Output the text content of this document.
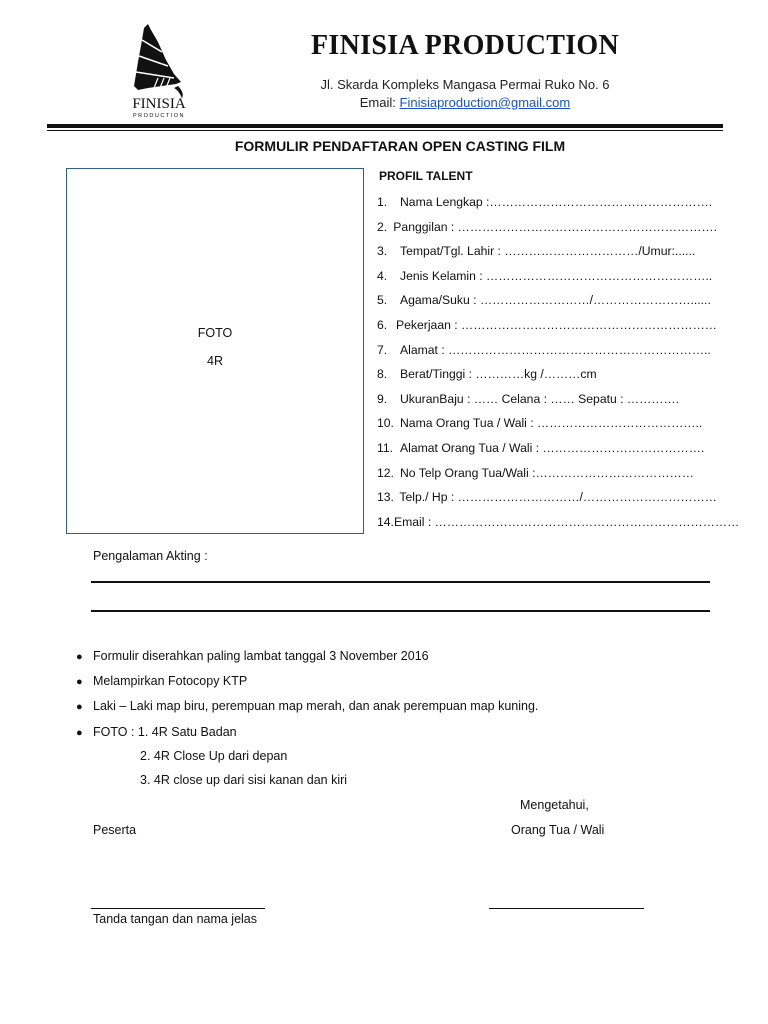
FINISIA
PRODUCTION
FINISIA PRODUCTION
Jl. Skarda Kompleks Mangasa Permai Ruko No. 6
Email: Finisiaproduction@gmail.com
FORMULIR PENDAFTARAN OPEN CASTING FILM
FOTO
4R
PROFIL TALENT
1.	Nama Lengkap :……………………………………………….
2. Panggilan : ……………………………………………………….
3.	Tempat/Tgl. Lahir : ……………………………/Umur:......
4.	Jenis Kelamin : ………………………………………………..
5.	Agama/Suku : ………………………/……………………......
6. Pekerjaan : ………………………………………………………
7.	Alamat : ………………………………………………………..
8.	Berat/Tinggi : …………kg /………cm
9.	UkuranBaju : …… Celana : …… Sepatu : ………….
10. Nama Orang Tua / Wali : …………………………………..
11. Alamat Orang Tua / Wali : ………………………………….
12. No Telp Orang Tua/Wali :…………………………………
13. Telp./ Hp : …………………………/……………………………
14. Email : …………………………………………………………………
Pengalaman Akting :
● Formulir diserahkan paling lambat tanggal 3 November 2016
● Melampirkan Fotocopy KTP
● Laki – Laki map biru, perempuan map merah, dan anak perempuan map kuning.
● FOTO : 1. 4R Satu Badan
2. 4R Close Up dari depan
3. 4R close up dari sisi kanan dan kiri
Mengetahui,
Peserta	Orang Tua / Wali
Tanda tangan dan nama jelas
